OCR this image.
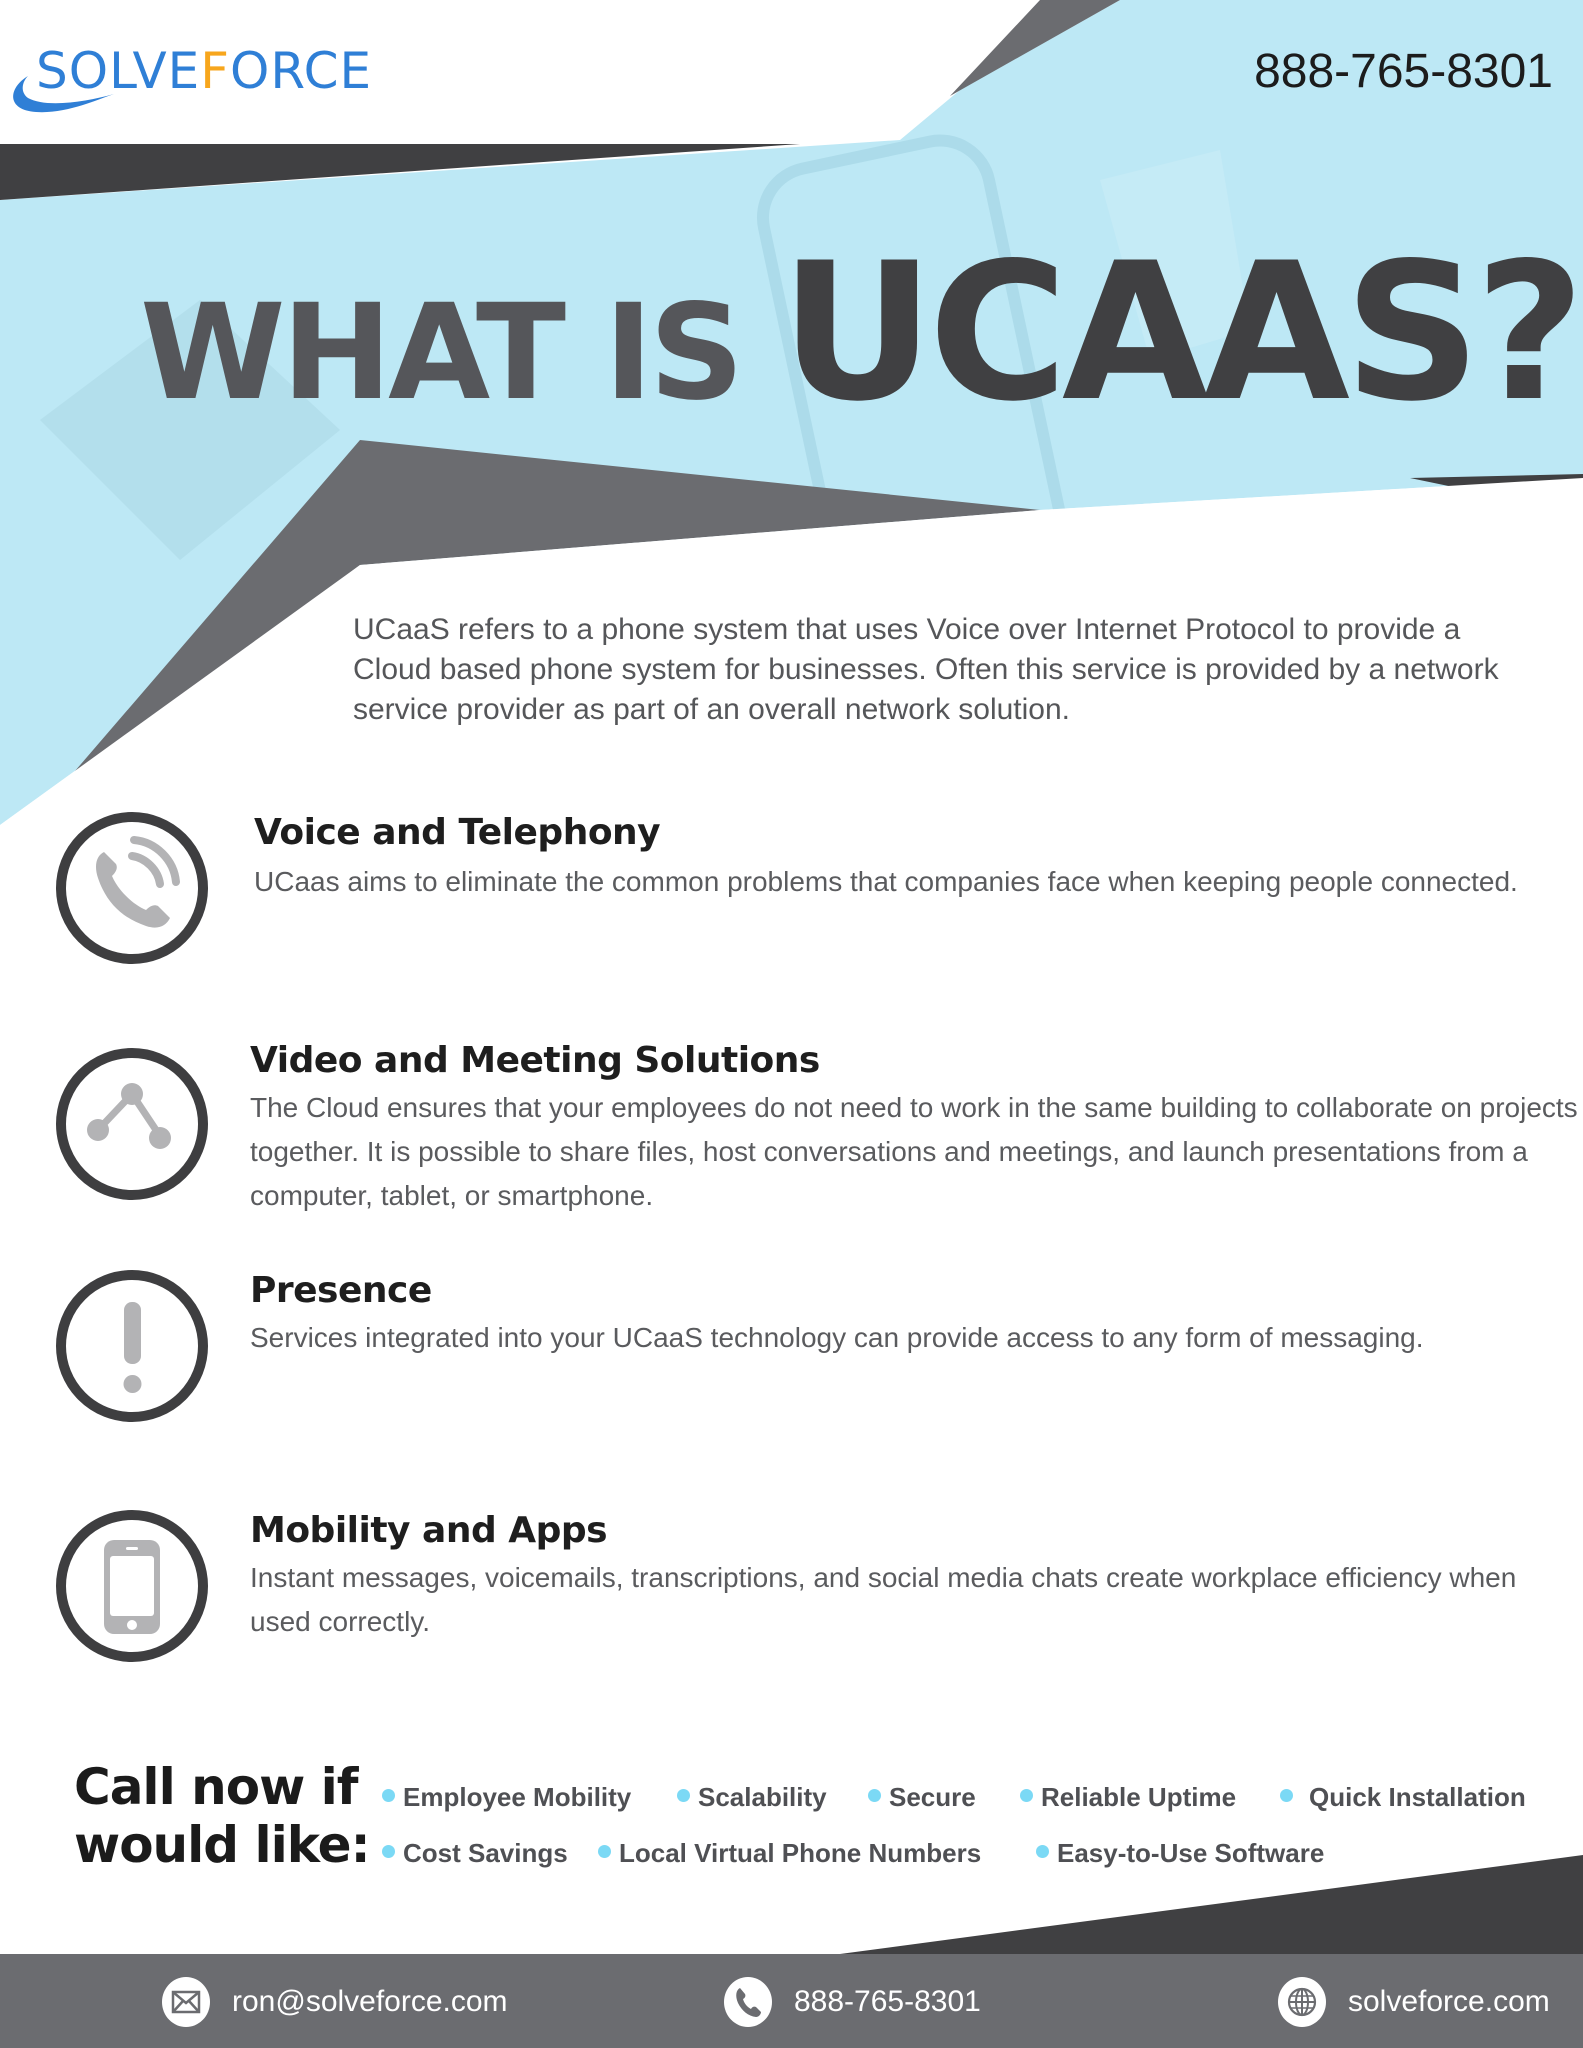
SOLVEFORCE	888-765-8301
WHAT IS UCAAS?
UCaaS refers to a phone system that uses Voice over Internet Protocol to provide a Cloud based phone system for businesses. Often this service is provided by a network service provider as part of an overall network solution.
Voice and Telephony
UCaas aims to eliminate the common problems that companies face when keeping people connected.
Video and Meeting Solutions
The Cloud ensures that your employees do not need to work in the same building to collaborate on projects together. It is possible to share files, host conversations and meetings, and launch presentations from a computer, tablet, or smartphone.
Presence
Services integrated into your UCaaS technology can provide access to any form of messaging.
Mobility and Apps
Instant messages, voicemails, transcriptions, and social media chats create workplace efficiency when used correctly.
Call now if
would like:
Employee Mobility	Scalability	Secure	Reliable Uptime	Quick Installation
Cost Savings	Local Virtual Phone Numbers	Easy-to-Use Software
ron@solveforce.com	888-765-8301	solveforce.com
